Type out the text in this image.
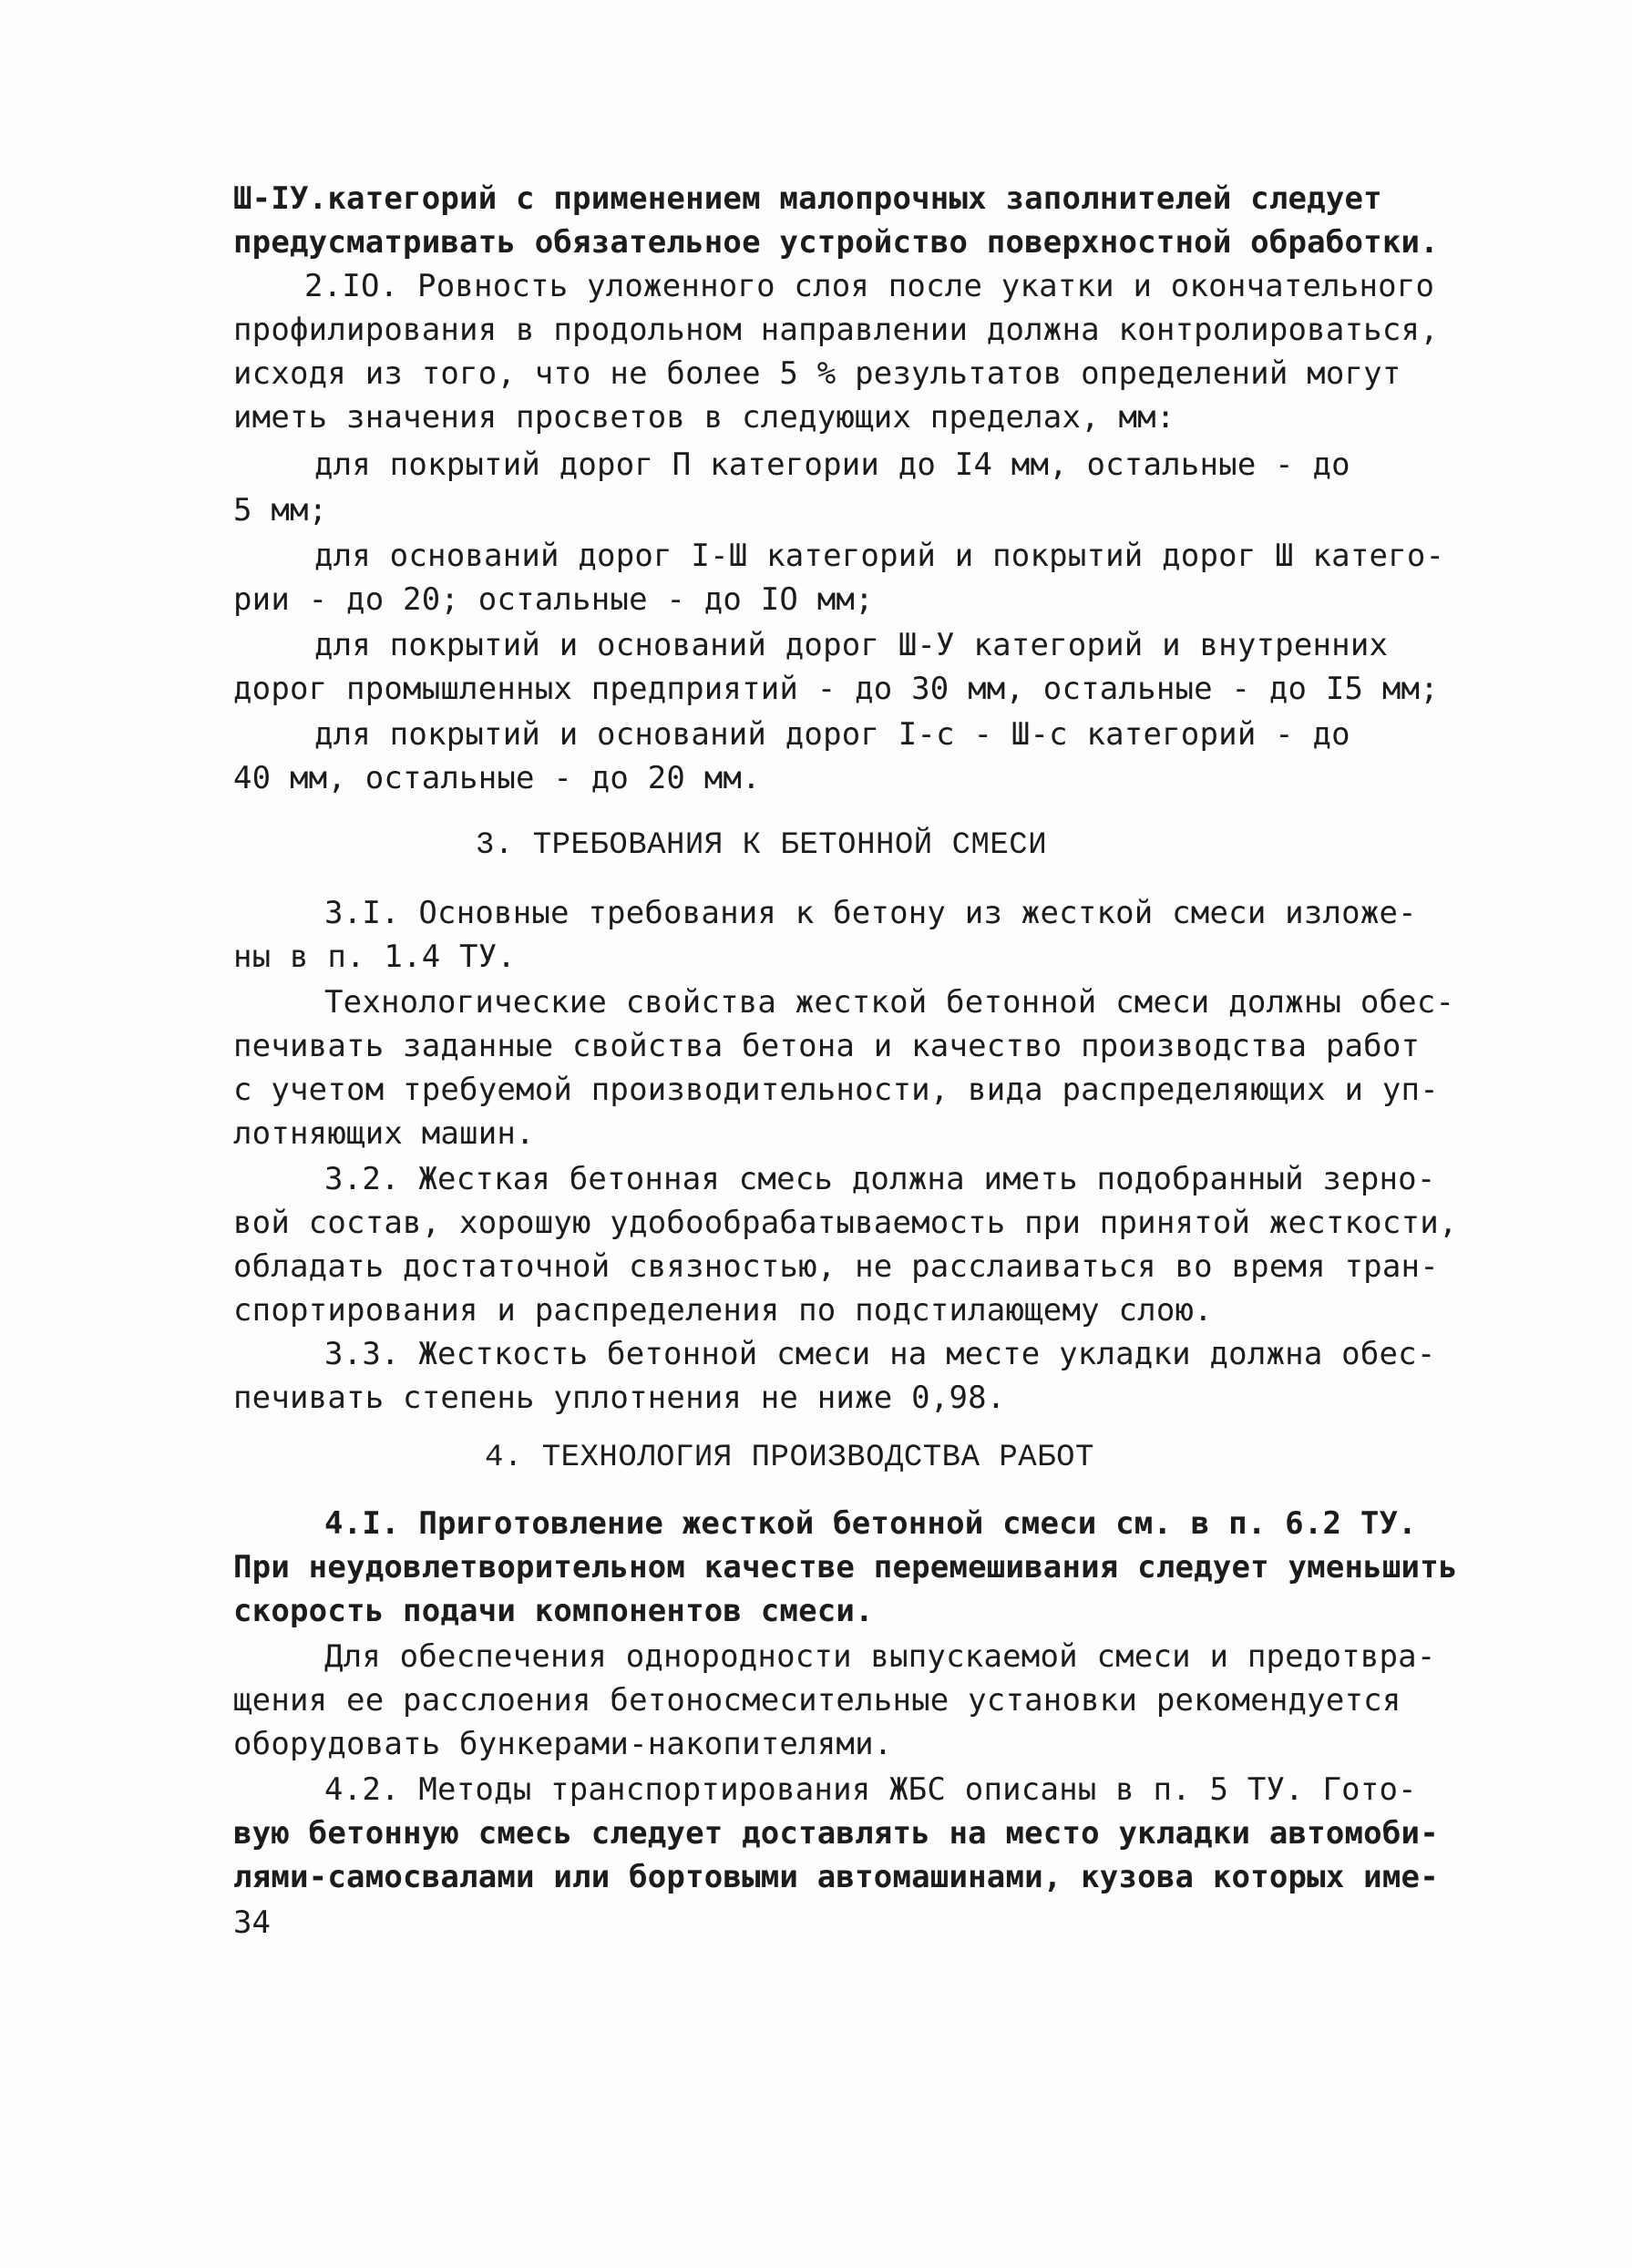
Ш-IУ.категорий с применением малопрочных заполнителей следует
предусматривать обязательное устройство поверхностной обработки.
2.IO. Ровность уложенного слоя после укатки и окончательного
профилирования в продольном направлении должна контролироваться,
исходя из того, что не более 5 % результатов определений могут
иметь значения просветов в следующих пределах, мм:
для покрытий дорог П категории до I4 мм, остальные - до
5 мм;
для оснований дорог I-Ш категорий и покрытий дорог Ш катего-
рии - до 20; остальные - до IO мм;
для покрытий и оснований дорог Ш-У категорий и внутренних
дорог промышленных предприятий - до 30 мм, остальные - до I5 мм;
для покрытий и оснований дорог I-c - Ш-с категорий - до
40 мм, остальные - до 20 мм.
3. ТРЕБОВАНИЯ К БЕТОННОЙ СМЕСИ
3.I. Основные требования к бетону из жесткой смеси изложе-
ны в п. 1.4 ТУ.
Технологические свойства жесткой бетонной смеси должны обес-
печивать заданные свойства бетона и качество производства работ
с учетом требуемой производительности, вида распределяющих и уп-
лотняющих машин.
3.2. Жесткая бетонная смесь должна иметь подобранный зерно-
вой состав, хорошую удобообрабатываемость при принятой жесткости,
обладать достаточной связностью, не расслаиваться во время тран-
спортирования и распределения по подстилающему слою.
3.3. Жесткость бетонной смеси на месте укладки должна обес-
печивать степень уплотнения не ниже 0,98.
4. ТЕХНОЛОГИЯ ПРОИЗВОДСТВА РАБОТ
4.I. Приготовление жесткой бетонной смеси см. в п. 6.2 ТУ.
При неудовлетворительном качестве перемешивания следует уменьшить
скорость подачи компонентов смеси.
Для обеспечения однородности выпускаемой смеси и предотвра-
щения ее расслоения бетоносмесительные установки рекомендуется
оборудовать бункерами-накопителями.
4.2. Методы транспортирования ЖБС описаны в п. 5 ТУ. Гото-
вую бетонную смесь следует доставлять на место укладки автомоби-
лями-самосвалами или бортовыми автомашинами, кузова которых име-
34
